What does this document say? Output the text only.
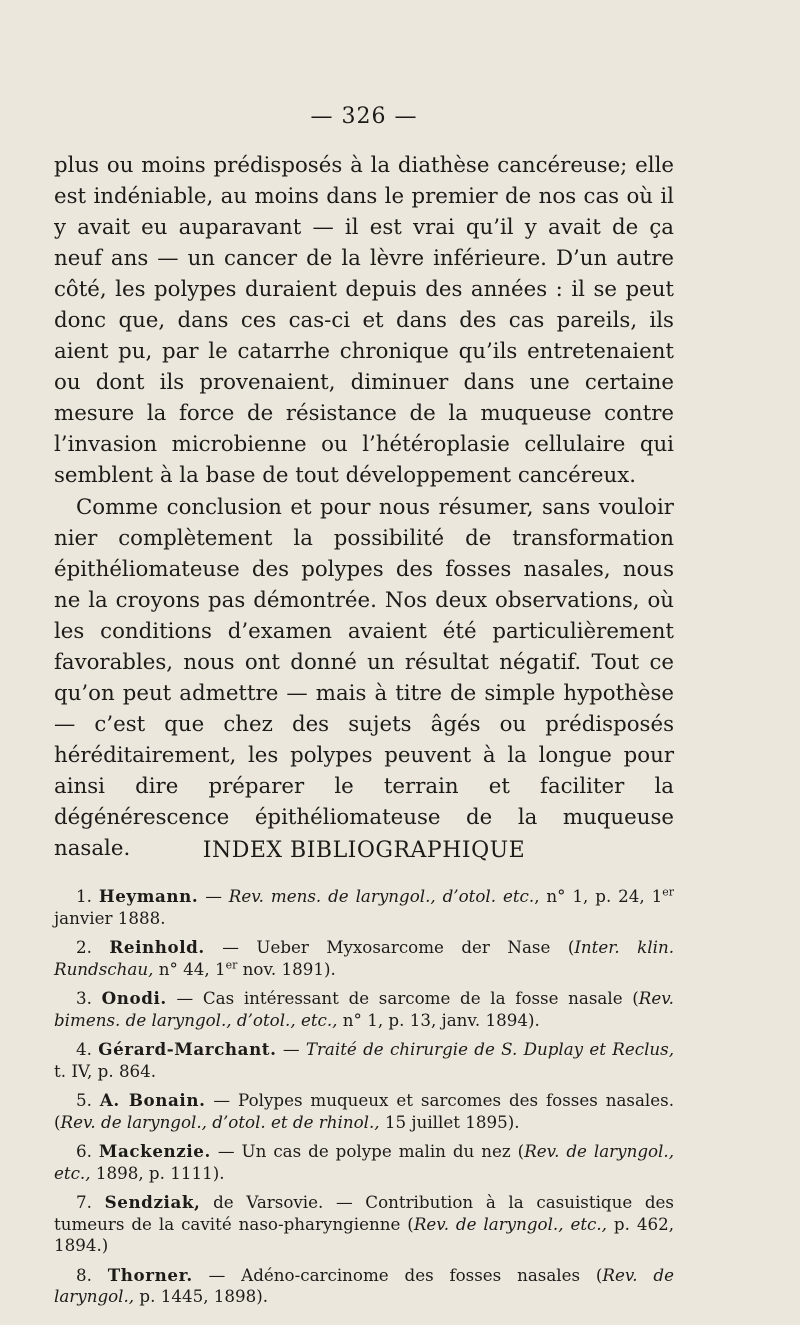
— 326 —

plus ou moins prédisposés à la diathèse cancéreuse; elle est indéniable, au moins dans le premier de nos cas où il y avait eu auparavant — il est vrai qu’il y avait de ça neuf ans — un cancer de la lèvre inférieure. D’un autre côté, les polypes duraient depuis des années : il se peut donc que, dans ces cas-ci et dans des cas pareils, ils aient pu, par le catarrhe chronique qu’ils entretenaient ou dont ils provenaient, diminuer dans une certaine mesure la force de résistance de la muqueuse contre l’invasion microbienne ou l’hétéroplasie cellulaire qui semblent à la base de tout développement cancéreux.

Comme conclusion et pour nous résumer, sans vouloir nier complètement la possibilité de transformation épithéliomateuse des polypes des fosses nasales, nous ne la croyons pas démontrée. Nos deux observations, où les conditions d’examen avaient été particulièrement favorables, nous ont donné un résultat négatif. Tout ce qu’on peut admettre — mais à titre de simple hypothèse — c’est que chez des sujets âgés ou prédisposés héréditairement, les polypes peuvent à la longue pour ainsi dire préparer le terrain et faciliter la dégénérescence épithéliomateuse de la muqueuse nasale.	INDEX BIBLIOGRAPHIQUE

1. Heymann. — Rev. mens. de laryngol., d’otol. etc., n° 1, p. 24, 1er janvier 1888.

2. Reinhold. — Ueber Myxosarcome der Nase (Inter. klin. Rundschau, n° 44, 1er nov. 1891).

3. Onodi. — Cas intéressant de sarcome de la fosse nasale (Rev. bimens. de laryngol., d’otol., etc., n° 1, p. 13, janv. 1894).

4. Gérard-Marchant. — Traité de chirurgie de S. Duplay et Reclus, t. IV, p. 864.

5. A. Bonain. — Polypes muqueux et sarcomes des fosses nasales. (Rev. de laryngol., d’otol. et de rhinol., 15 juillet 1895).

6. Mackenzie. — Un cas de polype malin du nez (Rev. de laryngol., etc., 1898, p. 1111).

7. Sendziak, de Varsovie. — Contribution à la casuistique des tumeurs de la cavité naso-pharyngienne (Rev. de laryngol., etc., p. 462, 1894.)

8. Thorner. — Adéno-carcinome des fosses nasales (Rev. de laryngol., p. 1445, 1898).
